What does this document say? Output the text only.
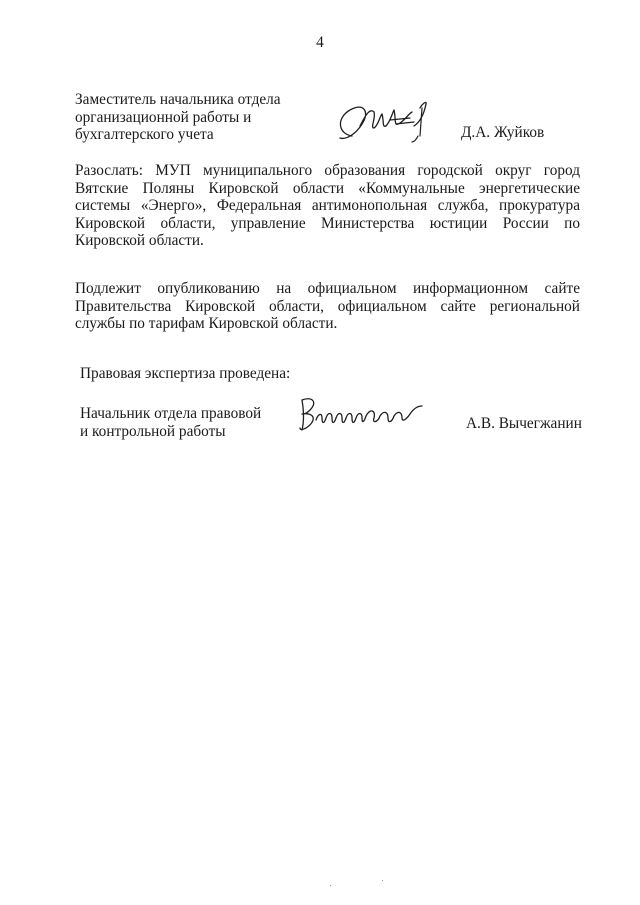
4
Заместитель начальника отдела
организационной работы и
бухгалтерского учета	Д.А. Жуйков
Разослать: МУП муниципального образования городской округ город Вятские Поляны Кировской области «Коммунальные энергетические системы «Энерго», Федеральная антимонопольная служба, прокуратура Кировской области, управление Министерства юстиции России по Кировской области.
Подлежит опубликованию на официальном информационном сайте Правительства Кировской области, официальном сайте региональной службы по тарифам Кировской области.
Правовая экспертиза проведена:
Начальник отдела правовой
и контрольной работы	А.В. Вычегжанин
